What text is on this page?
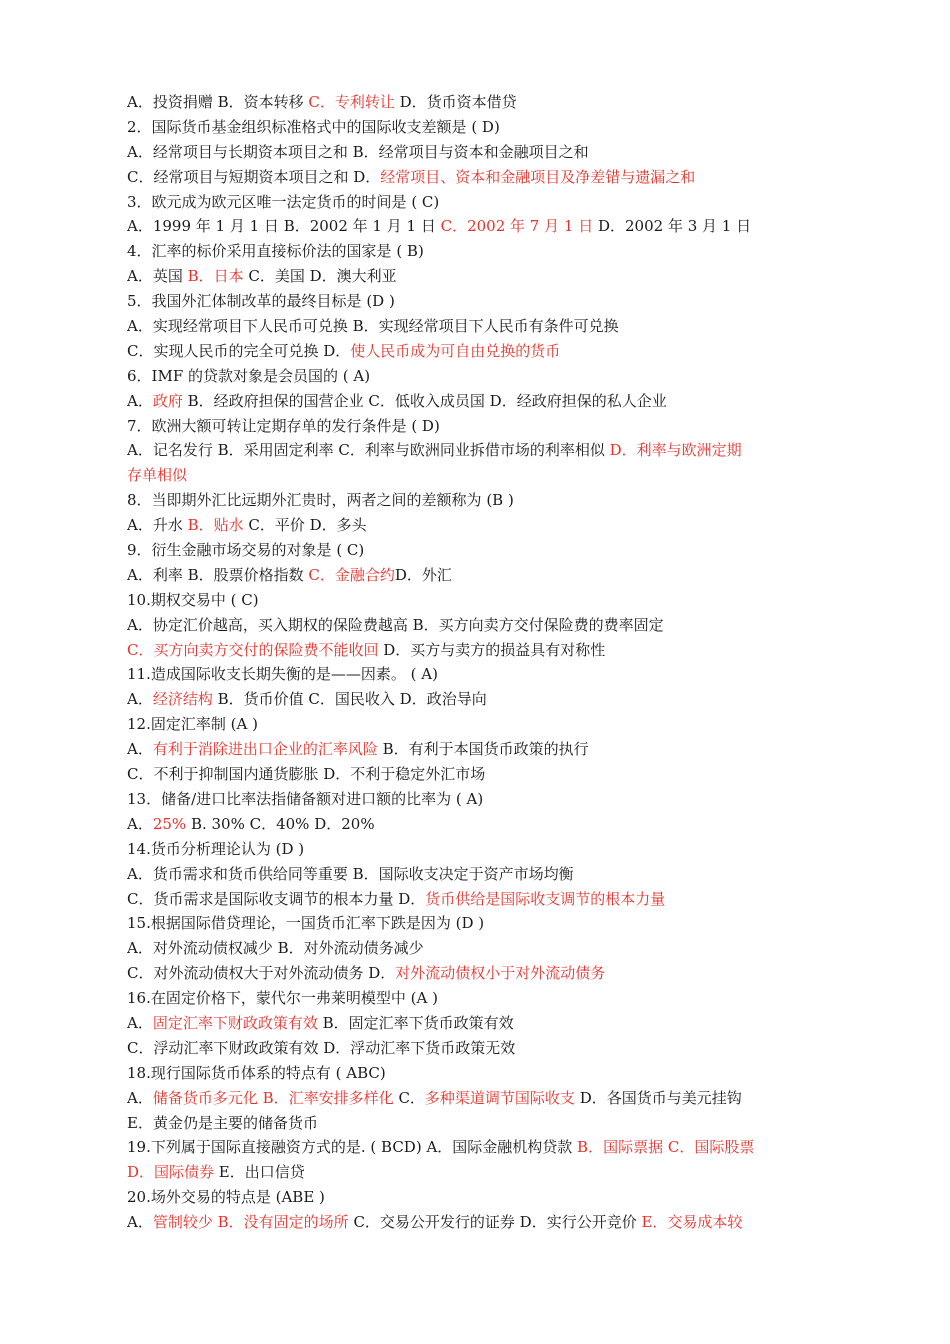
A．投资捐赠 B．资本转移 C．专利转让 D．货币资本借贷
2．国际货币基金组织标准格式中的国际收支差额是 ( D)
A．经常项目与长期资本项目之和 B．经常项目与资本和金融项目之和
C．经常项目与短期资本项目之和 D．经常项目、资本和金融项目及净差错与遗漏之和
3．欧元成为欧元区唯一法定货币的时间是 ( C)
A．1999 年 1 月 1 日 B．2002 年 1 月 1 日 C．2002 年 7 月 1 日 D．2002 年 3 月 1 日
4．汇率的标价采用直接标价法的国家是 ( B)
A．英国 B．日本 C．美国 D．澳大利亚
5．我国外汇体制改革的最终目标是 (D )
A．实现经常项目下人民币可兑换 B．实现经常项目下人民币有条件可兑换
C．实现人民币的完全可兑换 D．使人民币成为可自由兑换的货币
6．IMF 的贷款对象是会员国的 ( A)
A．政府 B．经政府担保的国营企业 C．低收入成员国 D．经政府担保的私人企业
7．欧洲大额可转让定期存单的发行条件是 ( D)
A．记名发行 B．采用固定利率 C．利率与欧洲同业拆借市场的利率相似 D．利率与欧洲定期
存单相似
8．当即期外汇比远期外汇贵时，两者之间的差额称为 (B )
A．升水 B．贴水 C．平价 D．多头
9．衍生金融市场交易的对象是 ( C)
A．利率 B．股票价格指数 C．金融合约D．外汇
10.期权交易中 ( C)
A．协定汇价越高，买入期权的保险费越高 B．买方向卖方交付保险费的费率固定
C．买方向卖方交付的保险费不能收回 D．买方与卖方的损益具有对称性
11.造成国际收支长期失衡的是——因素。 ( A)
A．经济结构 B．货币价值 C．国民收入 D．政治导向
12.固定汇率制 (A )
A．有利于消除进出口企业的汇率风险 B．有利于本国货币政策的执行
C．不利于抑制国内通货膨胀 D．不利于稳定外汇市场
13．储备/进口比率法指储备额对进口额的比率为 ( A)
A．25% B. 30% C．40% D．20%
14.货币分析理论认为 (D )
A．货币需求和货币供给同等重要 B．国际收支决定于资产市场均衡
C．货币需求是国际收支调节的根本力量 D．货币供给是国际收支调节的根本力量
15.根据国际借贷理论，一国货币汇率下跌是因为 (D )
A．对外流动债权减少 B．对外流动债务减少
C．对外流动债权大于对外流动债务 D．对外流动债权小于对外流动债务
16.在固定价格下，蒙代尔一弗莱明模型中 (A )
A．固定汇率下财政政策有效 B．固定汇率下货币政策有效
C．浮动汇率下财政政策有效 D．浮动汇率下货币政策无效
18.现行国际货币体系的特点有 ( ABC)
A．储备货币多元化 B．汇率安排多样化 C．多种渠道调节国际收支 D．各国货币与美元挂钩
E．黄金仍是主要的储备货币
19.下列属于国际直接融资方式的是. ( BCD) A．国际金融机构贷款 B．国际票据 C．国际股票
D．国际债券 E．出口信贷
20.场外交易的特点是 (ABE )
A．管制较少 B．没有固定的场所 C．交易公开发行的证券 D．实行公开竞价 E．交易成本较
